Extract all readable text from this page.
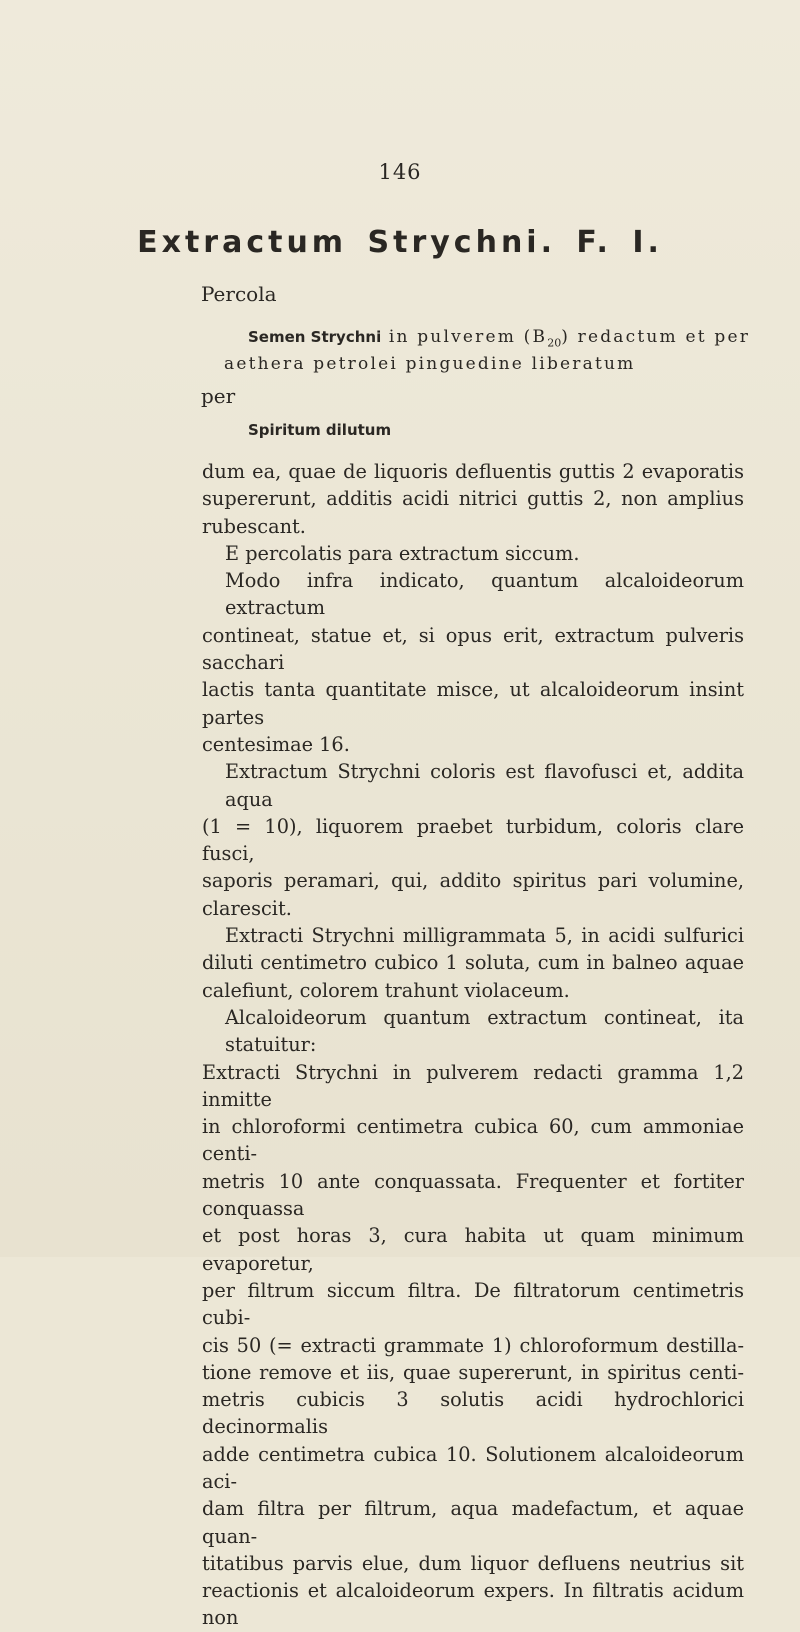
146
Extractum Strychni. F. I.
Percola
Semen Strychni in pulverem $(B_{20})$ redactum et per
aethera petrolei pinguedine liberatum
per
Spiritum dilutum

dum ea, quae de liquoris defluentis guttis 2 evaporatis

supererunt, additis acidi nitrici guttis 2, non amplius rubescant.

E percolatis para extractum siccum.

Modo infra indicato, quantum alcaloideorum extractum

contineat, statue et, si opus erit, extractum pulveris sacchari

lactis tanta quantitate misce, ut alcaloideorum insint partes

centesimae 16.

Extractum Strychni coloris est flavofusci et, addita aqua

(1 = 10), liquorem praebet turbidum, coloris clare fusci,

saporis peramari, qui, addito spiritus pari volumine, clarescit.

Extracti Strychni milligrammata 5, in acidi sulfurici

diluti centimetro cubico 1 soluta, cum in balneo aquae

calefiunt, colorem trahunt violaceum.

Alcaloideorum quantum extractum contineat, ita statuitur:

Extracti Strychni in pulverem redacti gramma 1,2 inmitte

in chloroformi centimetra cubica 60, cum ammoniae centi-

metris 10 ante conquassata. Frequenter et fortiter conquassa

et post horas 3, cura habita ut quam minimum evaporetur,

per filtrum siccum filtra. De filtratorum centimetris cubi-

cis 50 (= extracti grammate 1) chloroformum destilla-

tione remove et iis, quae supererunt, in spiritus centi-

metris cubicis 3 solutis acidi hydrochlorici decinormalis

adde centimetra cubica 10. Solutionem alcaloideorum aci-

dam filtra per filtrum, aqua madefactum, et aquae quan-

titatibus parvis elue, dum liquor defluens neutrius sit

reactionis et alcaloideorum expers. In filtratis acidum non
